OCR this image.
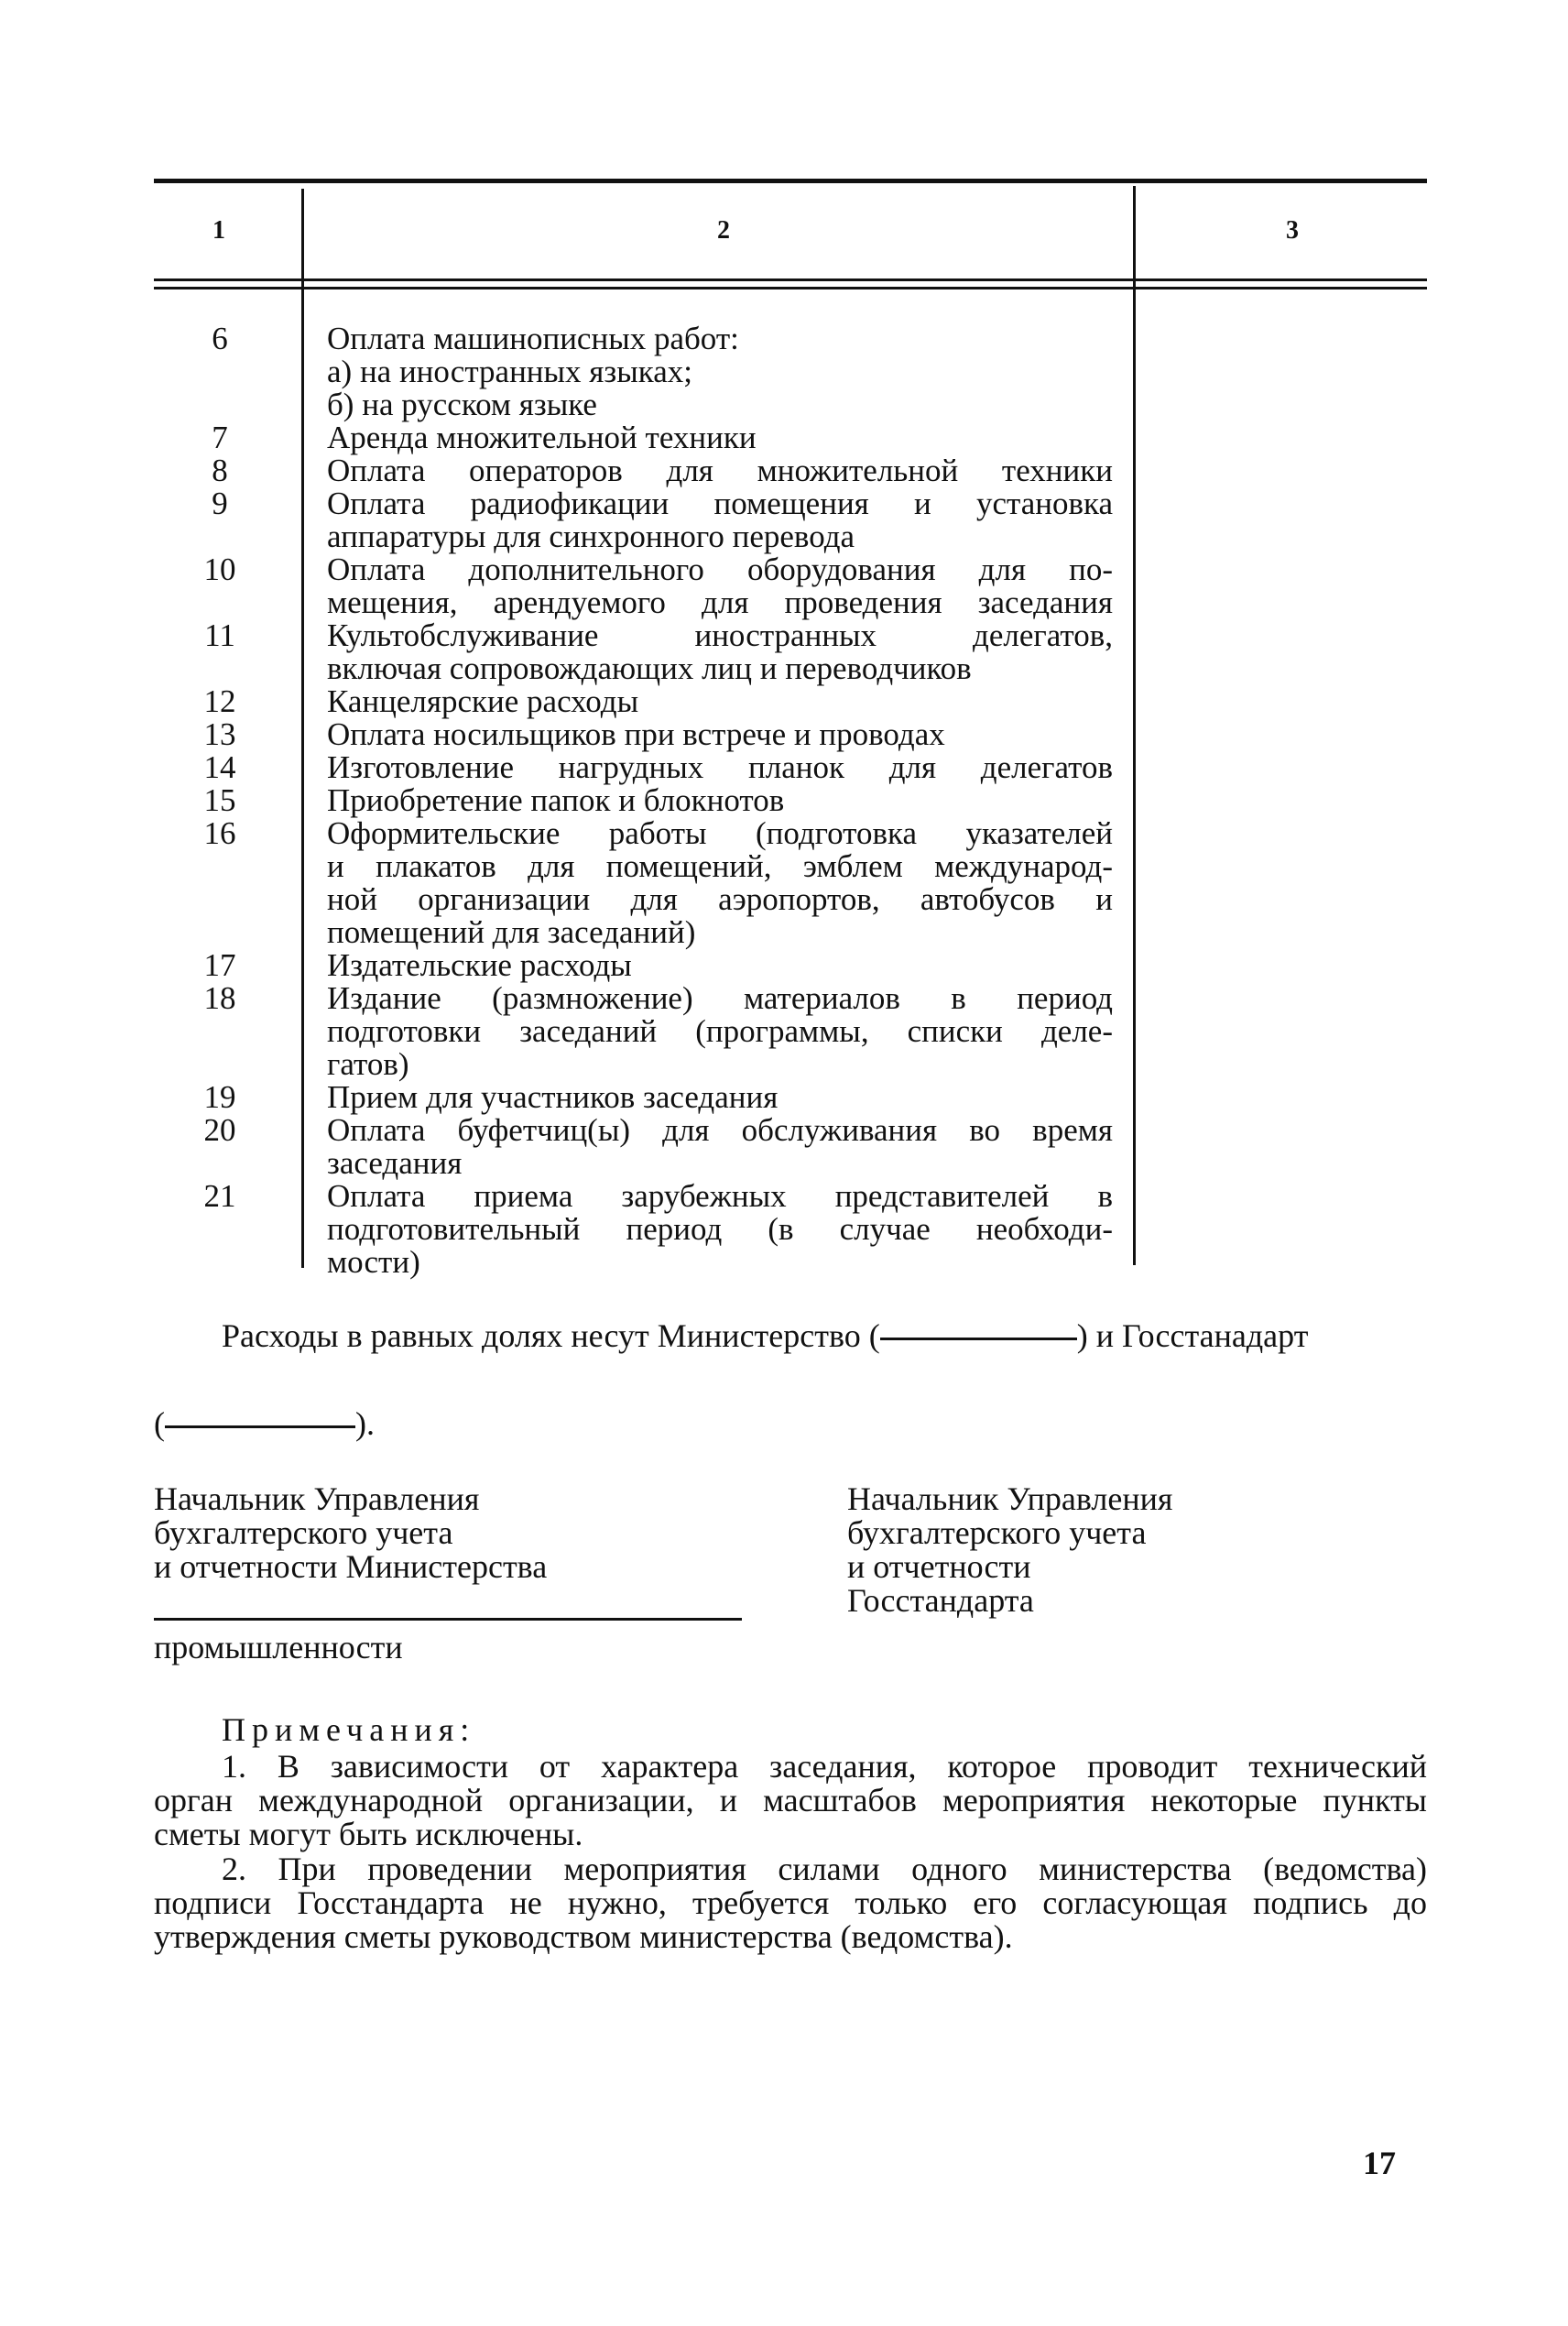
1	2	3
6	Оплата машинописных работ:
а) на иностранных языках;
б) на русском языке
7	Аренда множительной техники
8	Оплата операторов для множительной техники
9	Оплата радиофикации помещения и установка
аппаратуры для синхронного перевода
10	Оплата дополнительного оборудования для по-
мещения, арендуемого для проведения заседания
11	Культобслуживание иностранных делегатов,
включая сопровождающих лиц и переводчиков
12	Канцелярские расходы
13	Оплата носильщиков при встрече и проводах
14	Изготовление нагрудных планок для делегатов
15	Приобретение папок и блокнотов
16	Оформительские работы (подготовка указателей
и плакатов для помещений, эмблем международ-
ной организации для аэропортов, автобусов и
помещений для заседаний)
17	Издательские расходы
18	Издание (размножение) материалов в период
подготовки заседаний (программы, списки деле-
гатов)
19	Прием для участников заседания
20	Оплата буфетчиц(ы) для обслуживания во время
заседания
21	Оплата приема зарубежных представителей в
подготовительный период (в случае необходи-
мости)
Расходы в равных долях несут Министерство (	) и Госстанадарт
(	).
Начальник Управления
бухгалтерского учета
и отчетности Министерства
промышленности
Начальник Управления
бухгалтерского учета
и отчетности
Госстандарта
Примечания:
1. В зависимости от характера заседания, которое проводит технический
орган международной организации, и масштабов мероприятия некоторые пункты
сметы могут быть исключены.
2. При проведении мероприятия силами одного министерства (ведомства)
подписи Госстандарта не нужно, требуется только его согласующая подпись до
утверждения сметы руководством министерства (ведомства).
17
